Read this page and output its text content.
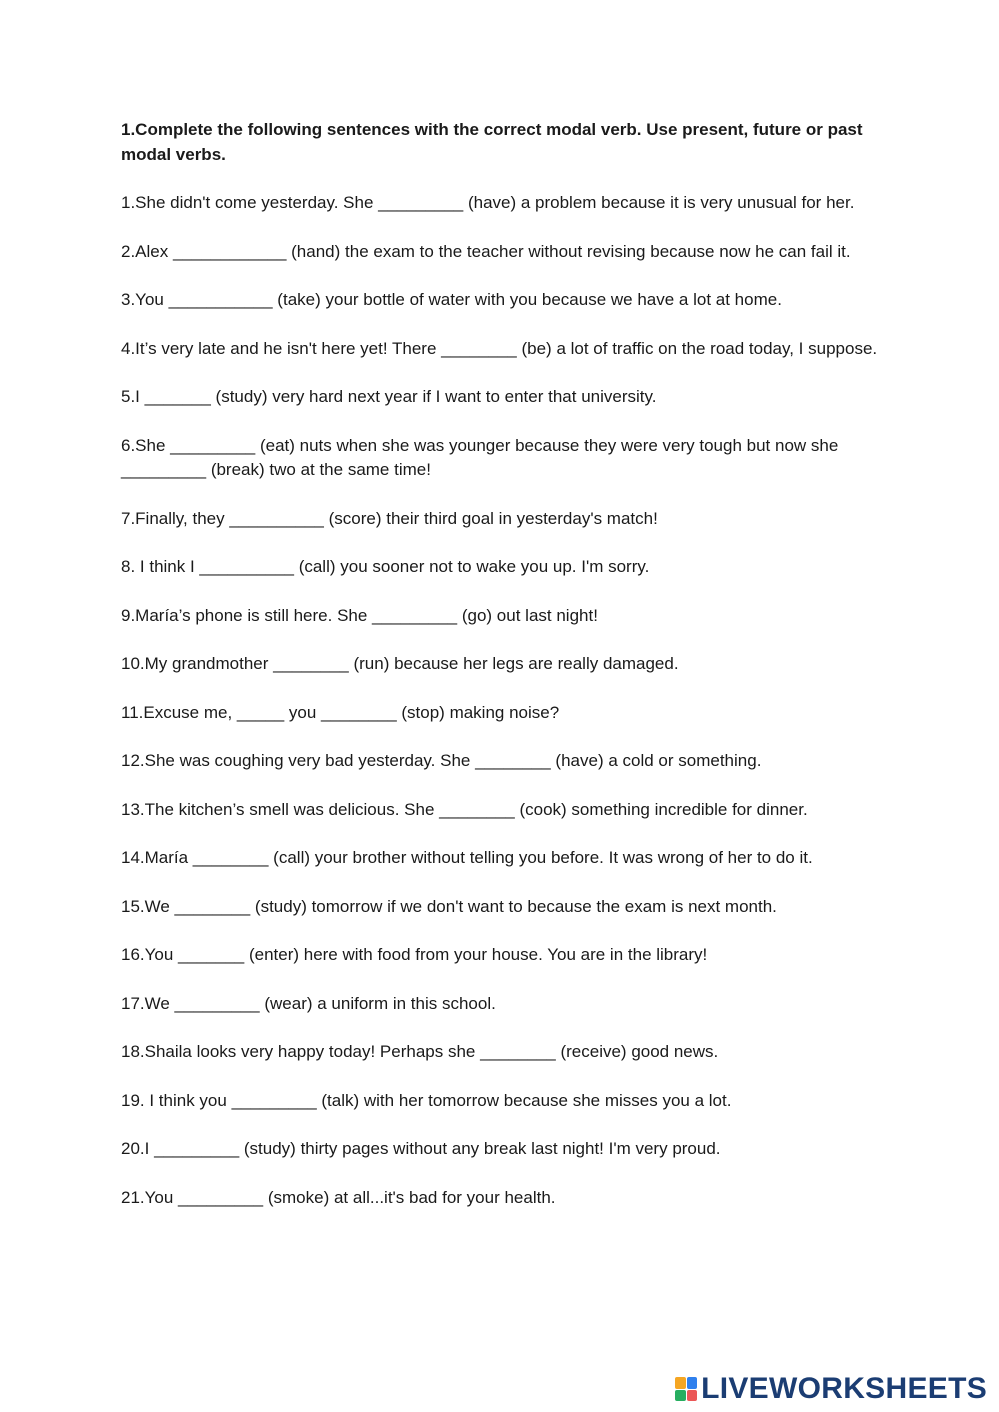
1.Complete the following sentences with the correct modal verb. Use present, future or past modal verbs.

1.She didn't come yesterday. She _________ (have) a problem because it is very unusual for her.
2.Alex ____________ (hand) the exam to the teacher without revising because now he can fail it.
3.You ___________ (take) your bottle of water with you because we have a lot at home.
4.It’s very late and he isn't here yet! There ________ (be) a lot of traffic on the road today, I suppose.
5.I _______ (study) very hard next year if I want to enter that university.
6.She _________ (eat) nuts when she was younger because they were very tough but now she _________ (break) two at the same time!
7.Finally, they __________ (score) their third goal in yesterday's match!
8. I think I __________ (call) you sooner not to wake you up. I'm sorry.
9.María’s phone is still here. She _________ (go) out last night!
10.My grandmother ________ (run) because her legs are really damaged.
11.Excuse me, _____ you ________ (stop) making noise?
12.She was coughing very bad yesterday. She ________ (have) a cold or something.
13.The kitchen’s smell was delicious. She ________ (cook) something incredible for dinner.
14.María ________ (call) your brother without telling you before. It was wrong of her to do it.
15.We ________ (study) tomorrow if we don't want to because the exam is next month.
16.You _______ (enter) here with food from your house. You are in the library!
17.We _________ (wear) a uniform in this school.
18.Shaila looks very happy today! Perhaps she ________ (receive) good news.
19. I think you _________ (talk) with her tomorrow because she misses you a lot.
20.I _________ (study) thirty pages without any break last night! I'm very proud.
21.You _________ (smoke) at all...it's bad for your health.
LIVEWORKSHEETS
